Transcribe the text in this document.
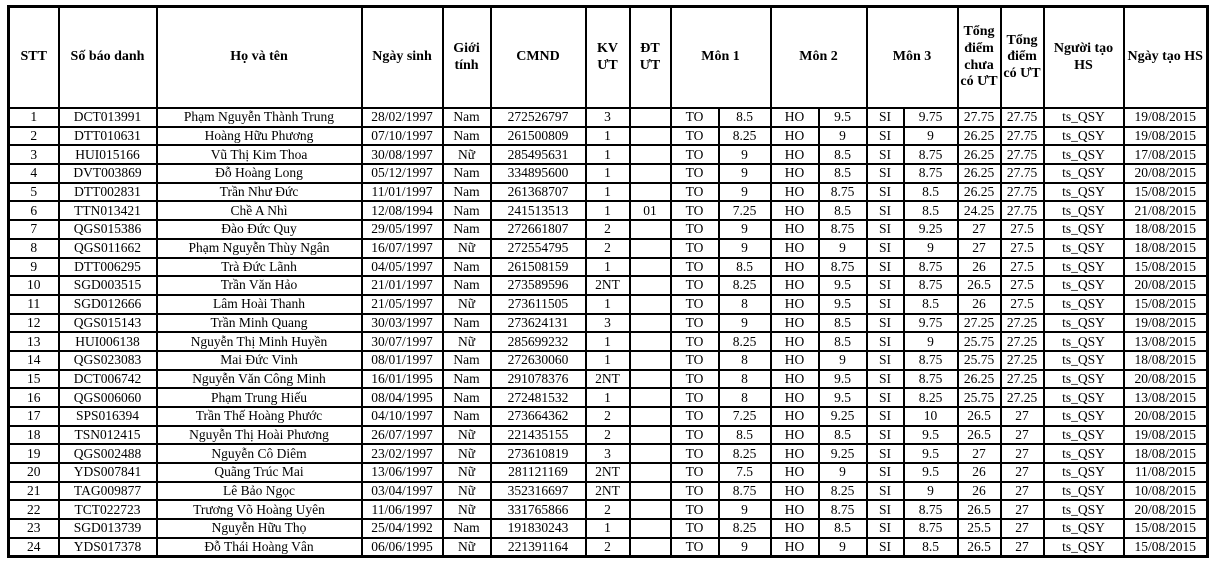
STT	Số báo danh	Họ và tên	Ngày sinh	Giới tính	CMND	KV ƯT	ĐT ƯT	Môn 1		Môn 2		Môn 3		Tổng điểm chưa có ƯT	Tổng điểm có ƯT	Người tạo HS	Ngày tạo HS
1	DCT013991	Phạm Nguyễn Thành Trung	28/02/1997	Nam	272526797	3		TO	8.5	HO	9.5	SI	9.75	27.75	27.75	ts_QSY	19/08/2015
2	DTT010631	Hoàng Hữu Phương	07/10/1997	Nam	261500809	1		TO	8.25	HO	9	SI	9	26.25	27.75	ts_QSY	19/08/2015
3	HUI015166	Vũ Thị Kim Thoa	30/08/1997	Nữ	285495631	1		TO	9	HO	8.5	SI	8.75	26.25	27.75	ts_QSY	17/08/2015
4	DVT003869	Đỗ Hoàng Long	05/12/1997	Nam	334895600	1		TO	9	HO	8.5	SI	8.75	26.25	27.75	ts_QSY	20/08/2015
5	DTT002831	Trần Như Đức	11/01/1997	Nam	261368707	1		TO	9	HO	8.75	SI	8.5	26.25	27.75	ts_QSY	15/08/2015
6	TTN013421	Chề A Nhì	12/08/1994	Nam	241513513	1	01	TO	7.25	HO	8.5	SI	8.5	24.25	27.75	ts_QSY	21/08/2015
7	QGS015386	Đào Đức Quy	29/05/1997	Nam	272661807	2		TO	9	HO	8.75	SI	9.25	27	27.5	ts_QSY	18/08/2015
8	QGS011662	Phạm Nguyễn Thùy Ngân	16/07/1997	Nữ	272554795	2		TO	9	HO	9	SI	9	27	27.5	ts_QSY	18/08/2015
9	DTT006295	Trà Đức Lãnh	04/05/1997	Nam	261508159	1		TO	8.5	HO	8.75	SI	8.75	26	27.5	ts_QSY	15/08/2015
10	SGD003515	Trần Văn Hảo	21/01/1997	Nam	273589596	2NT		TO	8.25	HO	9.5	SI	8.75	26.5	27.5	ts_QSY	20/08/2015
11	SGD012666	Lâm Hoài Thanh	21/05/1997	Nữ	273611505	1		TO	8	HO	9.5	SI	8.5	26	27.5	ts_QSY	15/08/2015
12	QGS015143	Trần Minh Quang	30/03/1997	Nam	273624131	3		TO	9	HO	8.5	SI	9.75	27.25	27.25	ts_QSY	19/08/2015
13	HUI006138	Nguyễn Thị Minh Huyền	30/07/1997	Nữ	285699232	1		TO	8.25	HO	8.5	SI	9	25.75	27.25	ts_QSY	13/08/2015
14	QGS023083	Mai Đức Vinh	08/01/1997	Nam	272630060	1		TO	8	HO	9	SI	8.75	25.75	27.25	ts_QSY	18/08/2015
15	DCT006742	Nguyễn Văn Công Minh	16/01/1995	Nam	291078376	2NT		TO	8	HO	9.5	SI	8.75	26.25	27.25	ts_QSY	20/08/2015
16	QGS006060	Phạm Trung Hiếu	08/04/1995	Nam	272481532	1		TO	8	HO	9.5	SI	8.25	25.75	27.25	ts_QSY	13/08/2015
17	SPS016394	Trần Thế Hoàng Phước	04/10/1997	Nam	273664362	2		TO	7.25	HO	9.25	SI	10	26.5	27	ts_QSY	20/08/2015
18	TSN012415	Nguyễn Thị Hoài Phương	26/07/1997	Nữ	221435155	2		TO	8.5	HO	8.5	SI	9.5	26.5	27	ts_QSY	19/08/2015
19	QGS002488	Nguyễn Cô Diêm	23/02/1997	Nữ	273610819	3		TO	8.25	HO	9.25	SI	9.5	27	27	ts_QSY	18/08/2015
20	YDS007841	Quãng Trúc Mai	13/06/1997	Nữ	281121169	2NT		TO	7.5	HO	9	SI	9.5	26	27	ts_QSY	11/08/2015
21	TAG009877	Lê Bảo Ngọc	03/04/1997	Nữ	352316697	2NT		TO	8.75	HO	8.25	SI	9	26	27	ts_QSY	10/08/2015
22	TCT022723	Trương Võ Hoàng Uyên	11/06/1997	Nữ	331765866	2		TO	9	HO	8.75	SI	8.75	26.5	27	ts_QSY	20/08/2015
23	SGD013739	Nguyễn Hữu Thọ	25/04/1992	Nam	191830243	1		TO	8.25	HO	8.5	SI	8.75	25.5	27	ts_QSY	15/08/2015
24	YDS017378	Đỗ Thái Hoàng Vân	06/06/1995	Nữ	221391164	2		TO	9	HO	9	SI	8.5	26.5	27	ts_QSY	15/08/2015
